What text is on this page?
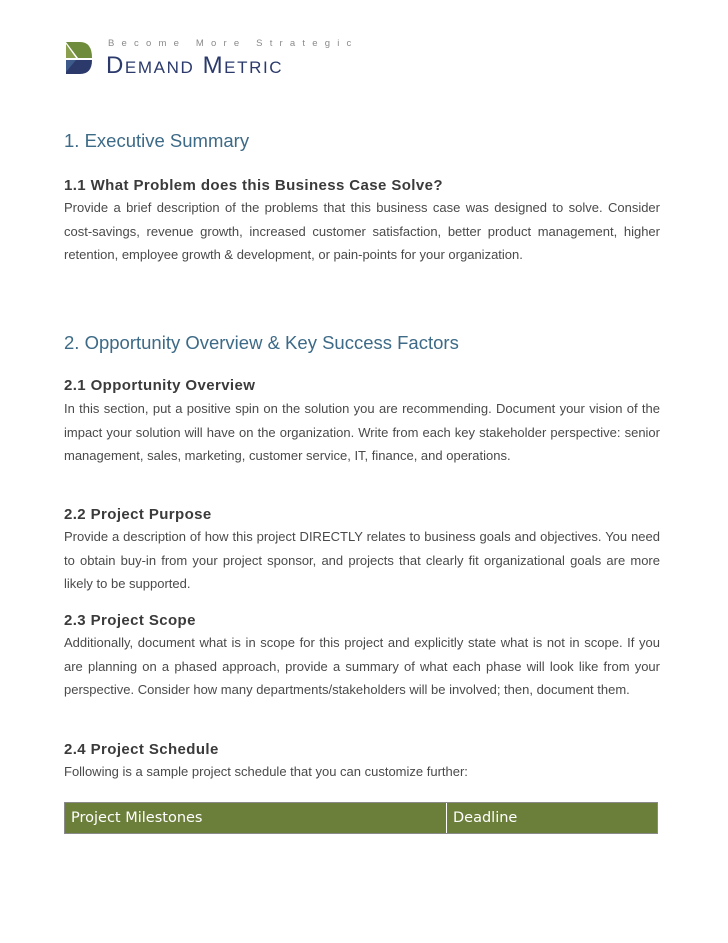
Become More Strategic
Demand Metric
1. Executive Summary
1.1 What Problem does this Business Case Solve?

Provide a brief description of the problems that this business case was designed to solve. Consider cost-savings, revenue growth, increased customer satisfaction, better product management, higher retention, employee growth & development, or pain-points for your organization.

2. Opportunity Overview & Key Success Factors
2.1 Opportunity Overview

In this section, put a positive spin on the solution you are recommending. Document your vision of the impact your solution will have on the organization. Write from each key stakeholder perspective: senior management, sales, marketing, customer service, IT, finance, and operations.

2.2 Project Purpose

Provide a description of how this project DIRECTLY relates to business goals and objectives. You need to obtain buy-in from your project sponsor, and projects that clearly fit organizational goals are more likely to be supported.

2.3 Project Scope

Additionally, document what is in scope for this project and explicitly state what is not in scope. If you are planning on a phased approach, provide a summary of what each phase will look like from your perspective. Consider how many departments/stakeholders will be involved; then, document them.

2.4 Project Schedule

Following is a sample project schedule that you can customize further:

Project Milestones	Deadline
